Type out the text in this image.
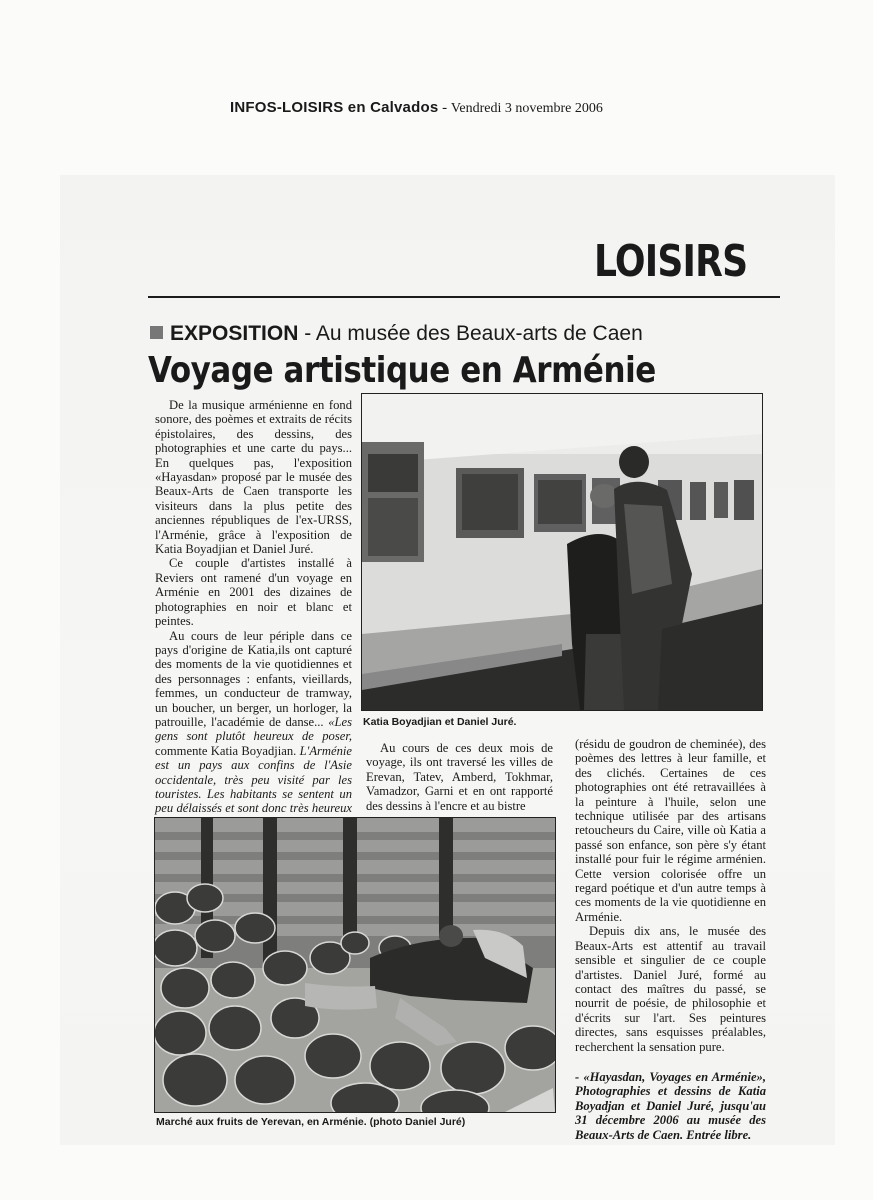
INFOS-LOISIRS en Calvados - Vendredi 3 novembre 2006
LOISIRS
EXPOSITION - Au musée des Beaux-arts de Caen
Voyage artistique en Arménie

De la musique arménienne en fond sonore, des poèmes et extraits de récits épistolaires, des dessins, des photographies et une carte du pays... En quelques pas, l'exposition «Hayasdan» proposé par le musée des Beaux-Arts de Caen transporte les visiteurs dans la plus petite des anciennes républiques de l'ex-URSS, l'Arménie, grâce à l'exposition de Katia Boyadjian et Daniel Juré.

Ce couple d'artistes installé à Reviers ont ramené d'un voyage en Arménie en 2001 des dizaines de photographies en noir et blanc et peintes.

Au cours de leur périple dans ce pays d'origine de Katia,ils ont capturé des moments de la vie quotidiennes et des personnages : enfants, vieillards, femmes, un conducteur de tramway, un boucher, un berger, un horloger, la patrouille, l'académie de danse... «Les gens sont plutôt heureux de poser, commente Katia Boyadjian. L'Arménie est un pays aux confins de l'Asie occidentale, très peu visité par les touristes. Les habitants se sentent un peu délaissés et sont donc très heureux

Katia Boyadjian et Daniel Juré.
Marché aux fruits de Yerevan, en Arménie. (photo Daniel Juré)

Au cours de ces deux mois de voyage, ils ont traversé les villes de Erevan, Tatev, Amberd, Tokhmar, Vamadzor, Garni et en ont rapporté des dessins à l'encre et au bistre

(résidu de goudron de cheminée), des poèmes des lettres à leur famille, et des clichés. Certaines de ces photographies ont été retravaillées à la peinture à l'huile, selon une technique utilisée par des artisans retoucheurs du Caire, ville où Katia a passé son enfance, son père s'y étant installé pour fuir le régime arménien. Cette version colorisée offre un regard poétique et d'un autre temps à ces moments de la vie quotidienne en Arménie.

Depuis dix ans, le musée des Beaux-Arts est attentif au travail sensible et singulier de ce couple d'artistes. Daniel Juré, formé au contact des maîtres du passé, se nourrit de poésie, de philosophie et d'écrits sur l'art. Ses peintures directes, sans esquisses préalables, recherchent la sensation pure.

- «Hayasdan, Voyages en Arménie», Photographies et dessins de Katia Boyadjan et Daniel Juré, jusqu'au 31 décembre 2006 au musée des Beaux-Arts de Caen. Entrée libre.
